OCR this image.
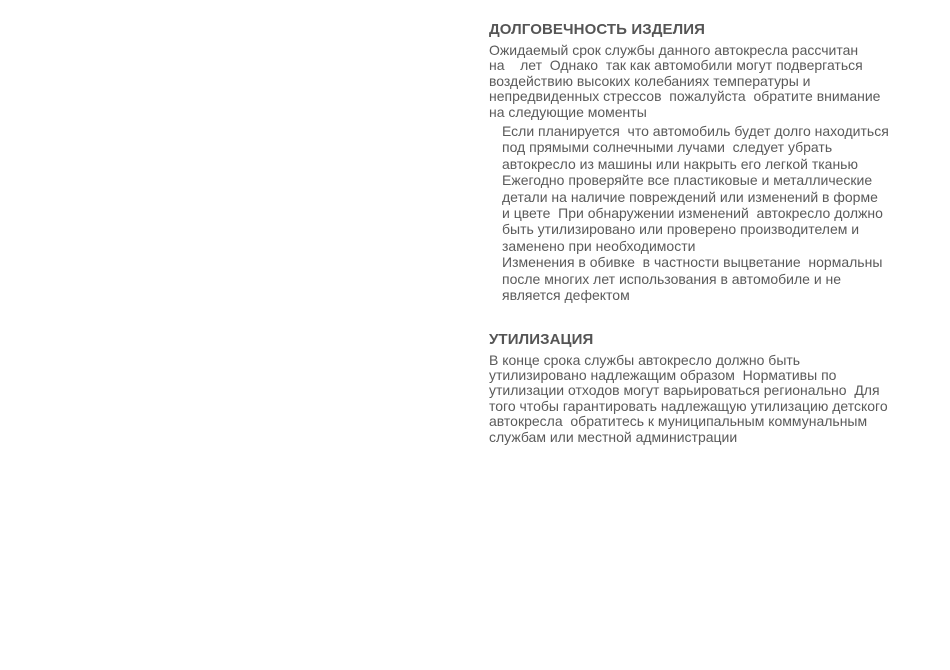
ДОЛГОВЕЧНОСТЬ ИЗДЕЛИЯ

Ожидаемый срок службы данного автокресла рассчитан

на    лет  Однако  так как автомобили могут подвергаться

воздействию высоких колебаниях температуры и

непредвиденных стрессов  пожалуйста  обратите внимание

на следующие моменты

Если планируется  что автомобиль будет долго находиться

под прямыми солнечными лучами  следует убрать

автокресло из машины или накрыть его легкой тканью

Ежегодно проверяйте все пластиковые и металлические

детали на наличие повреждений или изменений в форме

и цвете  При обнаружении изменений  автокресло должно

быть утилизировано или проверено производителем и

заменено при необходимости

Изменения в обивке  в частности выцветание  нормальны

после многих лет использования в автомобиле и не

является дефектом

УТИЛИЗАЦИЯ

В конце срока службы автокресло должно быть

утилизировано надлежащим образом  Нормативы по

утилизации отходов могут варьироваться регионально  Для

того чтобы гарантировать надлежащую утилизацию детского

автокресла  обратитесь к муниципальным коммунальным

службам или местной администрации
